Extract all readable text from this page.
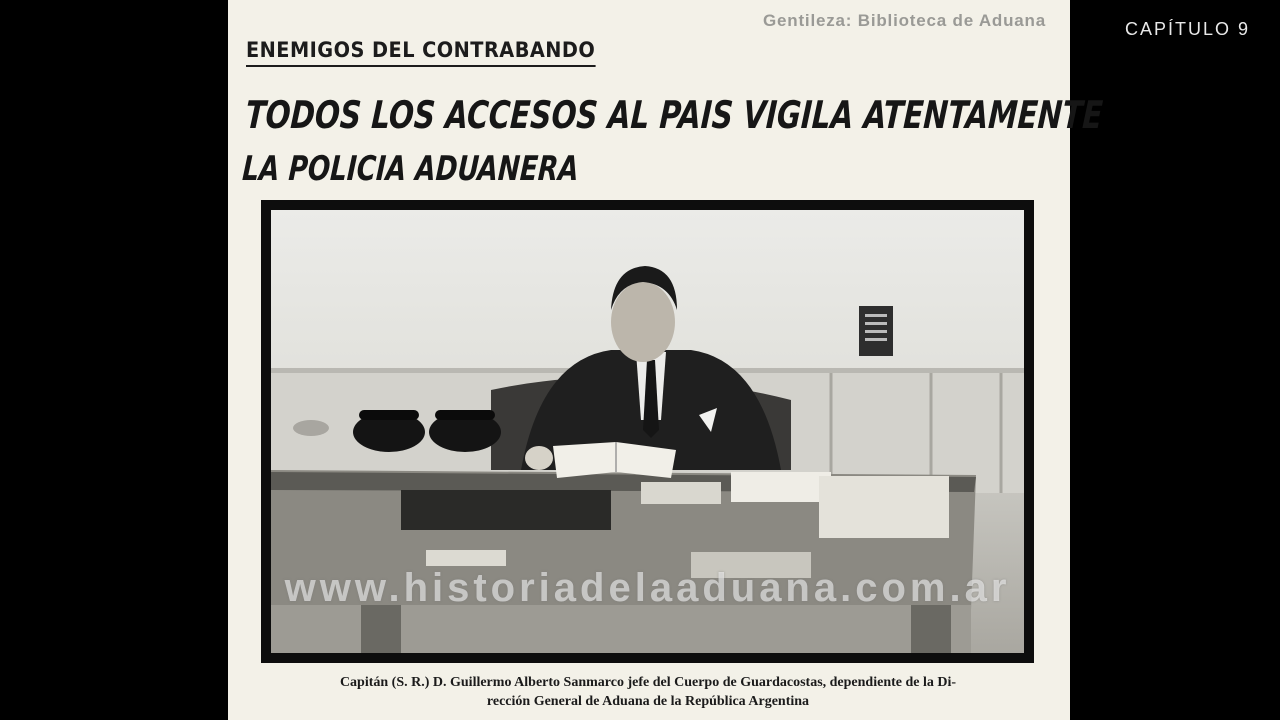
Gentileza: Biblioteca de Aduana
ENEMIGOS DEL CONTRABANDO
TODOS LOS ACCESOS AL PAIS VIGILA ATENTAMENTE
LA POLICIA ADUANERA
www.historiadelaaduana.com.ar
Capitán (S. R.) D. Guillermo Alberto Sanmarco jefe del Cuerpo de Guardacostas, dependiente de la Di-
rección General de Aduana de la República Argentina
CAPÍTULO 9
